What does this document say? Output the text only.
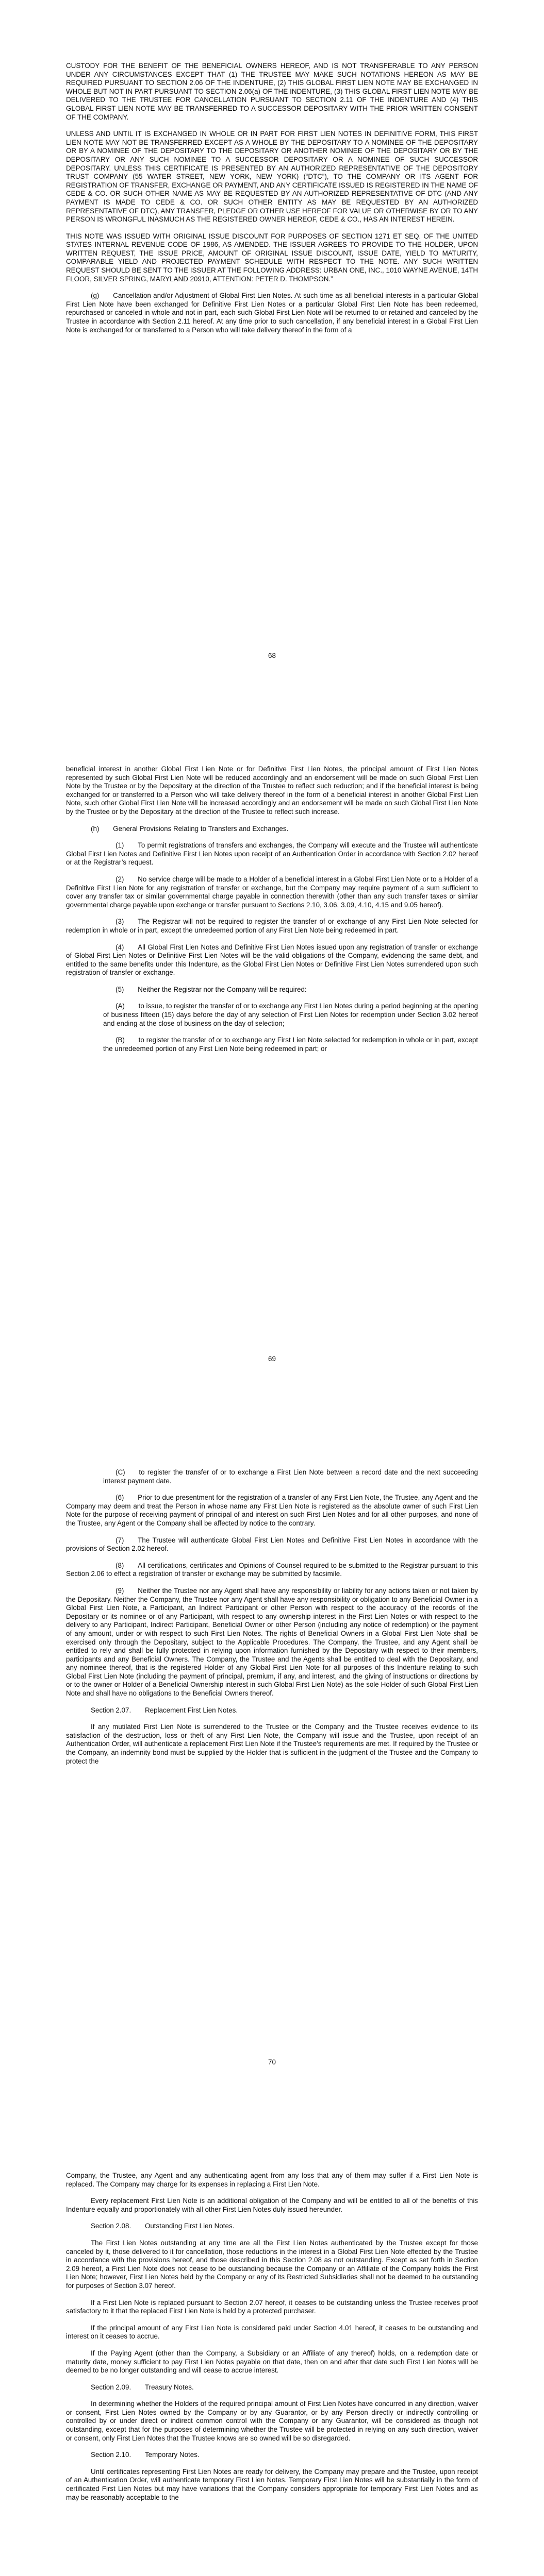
CUSTODY FOR THE BENEFIT OF THE BENEFICIAL OWNERS HEREOF, AND IS NOT TRANSFERABLE TO ANY PERSON UNDER ANY CIRCUMSTANCES EXCEPT THAT (1) THE TRUSTEE MAY MAKE SUCH NOTATIONS HEREON AS MAY BE REQUIRED PURSUANT TO SECTION 2.06 OF THE INDENTURE, (2) THIS GLOBAL FIRST LIEN NOTE MAY BE EXCHANGED IN WHOLE BUT NOT IN PART PURSUANT TO SECTION 2.06(a) OF THE INDENTURE, (3) THIS GLOBAL FIRST LIEN NOTE MAY BE DELIVERED TO THE TRUSTEE FOR CANCELLATION PURSUANT TO SECTION 2.11 OF THE INDENTURE AND (4) THIS GLOBAL FIRST LIEN NOTE MAY BE TRANSFERRED TO A SUCCESSOR DEPOSITARY WITH THE PRIOR WRITTEN CONSENT OF THE COMPANY.

UNLESS AND UNTIL IT IS EXCHANGED IN WHOLE OR IN PART FOR FIRST LIEN NOTES IN DEFINITIVE FORM, THIS FIRST LIEN NOTE MAY NOT BE TRANSFERRED EXCEPT AS A WHOLE BY THE DEPOSITARY TO A NOMINEE OF THE DEPOSITARY OR BY A NOMINEE OF THE DEPOSITARY TO THE DEPOSITARY OR ANOTHER NOMINEE OF THE DEPOSITARY OR BY THE DEPOSITARY OR ANY SUCH NOMINEE TO A SUCCESSOR DEPOSITARY OR A NOMINEE OF SUCH SUCCESSOR DEPOSITARY. UNLESS THIS CERTIFICATE IS PRESENTED BY AN AUTHORIZED REPRESENTATIVE OF THE DEPOSITORY TRUST COMPANY (55 WATER STREET, NEW YORK, NEW YORK) (“DTC”), TO THE COMPANY OR ITS AGENT FOR REGISTRATION OF TRANSFER, EXCHANGE OR PAYMENT, AND ANY CERTIFICATE ISSUED IS REGISTERED IN THE NAME OF CEDE & CO. OR SUCH OTHER NAME AS MAY BE REQUESTED BY AN AUTHORIZED REPRESENTATIVE OF DTC (AND ANY PAYMENT IS MADE TO CEDE & CO. OR SUCH OTHER ENTITY AS MAY BE REQUESTED BY AN AUTHORIZED REPRESENTATIVE OF DTC), ANY TRANSFER, PLEDGE OR OTHER USE HEREOF FOR VALUE OR OTHERWISE BY OR TO ANY PERSON IS WRONGFUL INASMUCH AS THE REGISTERED OWNER HEREOF, CEDE & CO., HAS AN INTEREST HEREIN.

THIS NOTE WAS ISSUED WITH ORIGINAL ISSUE DISCOUNT FOR PURPOSES OF SECTION 1271 ET SEQ. OF THE UNITED STATES INTERNAL REVENUE CODE OF 1986, AS AMENDED. THE ISSUER AGREES TO PROVIDE TO THE HOLDER, UPON WRITTEN REQUEST, THE ISSUE PRICE, AMOUNT OF ORIGINAL ISSUE DISCOUNT, ISSUE DATE, YIELD TO MATURITY, COMPARABLE YIELD AND PROJECTED PAYMENT SCHEDULE WITH RESPECT TO THE NOTE. ANY SUCH WRITTEN REQUEST SHOULD BE SENT TO THE ISSUER AT THE FOLLOWING ADDRESS: URBAN ONE, INC., 1010 WAYNE AVENUE, 14TH FLOOR, SILVER SPRING, MARYLAND 20910, ATTENTION: PETER D. THOMPSON.”

(g)  Cancellation and/or Adjustment of Global First Lien Notes. At such time as all beneficial interests in a particular Global First Lien Note have been exchanged for Definitive First Lien Notes or a particular Global First Lien Note has been redeemed, repurchased or canceled in whole and not in part, each such Global First Lien Note will be returned to or retained and canceled by the Trustee in accordance with Section 2.11 hereof. At any time prior to such cancellation, if any beneficial interest in a Global First Lien Note is exchanged for or transferred to a Person who will take delivery thereof in the form of a

68

beneficial interest in another Global First Lien Note or for Definitive First Lien Notes, the principal amount of First Lien Notes represented by such Global First Lien Note will be reduced accordingly and an endorsement will be made on such Global First Lien Note by the Trustee or by the Depositary at the direction of the Trustee to reflect such reduction; and if the beneficial interest is being exchanged for or transferred to a Person who will take delivery thereof in the form of a beneficial interest in another Global First Lien Note, such other Global First Lien Note will be increased accordingly and an endorsement will be made on such Global First Lien Note by the Trustee or by the Depositary at the direction of the Trustee to reflect such increase.

(h)  General Provisions Relating to Transfers and Exchanges.

(1)  To permit registrations of transfers and exchanges, the Company will execute and the Trustee will authenticate Global First Lien Notes and Definitive First Lien Notes upon receipt of an Authentication Order in accordance with Section 2.02 hereof or at the Registrar’s request.

(2)  No service charge will be made to a Holder of a beneficial interest in a Global First Lien Note or to a Holder of a Definitive First Lien Note for any registration of transfer or exchange, but the Company may require payment of a sum sufficient to cover any transfer tax or similar governmental charge payable in connection therewith (other than any such transfer taxes or similar governmental charge payable upon exchange or transfer pursuant to Sections 2.10, 3.06, 3.09, 4.10, 4.15 and 9.05 hereof).

(3)  The Registrar will not be required to register the transfer of or exchange of any First Lien Note selected for redemption in whole or in part, except the unredeemed portion of any First Lien Note being redeemed in part.

(4)  All Global First Lien Notes and Definitive First Lien Notes issued upon any registration of transfer or exchange of Global First Lien Notes or Definitive First Lien Notes will be the valid obligations of the Company, evidencing the same debt, and entitled to the same benefits under this Indenture, as the Global First Lien Notes or Definitive First Lien Notes surrendered upon such registration of transfer or exchange.

(5)  Neither the Registrar nor the Company will be required:

(A)  to issue, to register the transfer of or to exchange any First Lien Notes during a period beginning at the opening of business fifteen (15) days before the day of any selection of First Lien Notes for redemption under Section 3.02 hereof and ending at the close of business on the day of selection;

(B)  to register the transfer of or to exchange any First Lien Note selected for redemption in whole or in part, except the unredeemed portion of any First Lien Note being redeemed in part; or

69

(C)  to register the transfer of or to exchange a First Lien Note between a record date and the next succeeding interest payment date.

(6)  Prior to due presentment for the registration of a transfer of any First Lien Note, the Trustee, any Agent and the Company may deem and treat the Person in whose name any First Lien Note is registered as the absolute owner of such First Lien Note for the purpose of receiving payment of principal of and interest on such First Lien Notes and for all other purposes, and none of the Trustee, any Agent or the Company shall be affected by notice to the contrary.

(7)  The Trustee will authenticate Global First Lien Notes and Definitive First Lien Notes in accordance with the provisions of Section 2.02 hereof.

(8)  All certifications, certificates and Opinions of Counsel required to be submitted to the Registrar pursuant to this Section 2.06 to effect a registration of transfer or exchange may be submitted by facsimile.

(9)  Neither the Trustee nor any Agent shall have any responsibility or liability for any actions taken or not taken by the Depositary. Neither the Company, the Trustee nor any Agent shall have any responsibility or obligation to any Beneficial Owner in a Global First Lien Note, a Participant, an Indirect Participant or other Person with respect to the accuracy of the records of the Depositary or its nominee or of any Participant, with respect to any ownership interest in the First Lien Notes or with respect to the delivery to any Participant, Indirect Participant, Beneficial Owner or other Person (including any notice of redemption) or the payment of any amount, under or with respect to such First Lien Notes. The rights of Beneficial Owners in a Global First Lien Note shall be exercised only through the Depositary, subject to the Applicable Procedures. The Company, the Trustee, and any Agent shall be entitled to rely and shall be fully protected in relying upon information furnished by the Depositary with respect to their members, participants and any Beneficial Owners. The Company, the Trustee and the Agents shall be entitled to deal with the Depositary, and any nominee thereof, that is the registered Holder of any Global First Lien Note for all purposes of this Indenture relating to such Global First Lien Note (including the payment of principal, premium, if any, and interest, and the giving of instructions or directions by or to the owner or Holder of a Beneficial Ownership interest in such Global First Lien Note) as the sole Holder of such Global First Lien Note and shall have no obligations to the Beneficial Owners thereof.

Section 2.07.  Replacement First Lien Notes.

If any mutilated First Lien Note is surrendered to the Trustee or the Company and the Trustee receives evidence to its satisfaction of the destruction, loss or theft of any First Lien Note, the Company will issue and the Trustee, upon receipt of an Authentication Order, will authenticate a replacement First Lien Note if the Trustee’s requirements are met. If required by the Trustee or the Company, an indemnity bond must be supplied by the Holder that is sufficient in the judgment of the Trustee and the Company to protect the

70

Company, the Trustee, any Agent and any authenticating agent from any loss that any of them may suffer if a First Lien Note is replaced. The Company may charge for its expenses in replacing a First Lien Note.

Every replacement First Lien Note is an additional obligation of the Company and will be entitled to all of the benefits of this Indenture equally and proportionately with all other First Lien Notes duly issued hereunder.

Section 2.08.  Outstanding First Lien Notes.

The First Lien Notes outstanding at any time are all the First Lien Notes authenticated by the Trustee except for those canceled by it, those delivered to it for cancellation, those reductions in the interest in a Global First Lien Note effected by the Trustee in accordance with the provisions hereof, and those described in this Section 2.08 as not outstanding. Except as set forth in Section 2.09 hereof, a First Lien Note does not cease to be outstanding because the Company or an Affiliate of the Company holds the First Lien Note; however, First Lien Notes held by the Company or any of its Restricted Subsidiaries shall not be deemed to be outstanding for purposes of Section 3.07 hereof.

If a First Lien Note is replaced pursuant to Section 2.07 hereof, it ceases to be outstanding unless the Trustee receives proof satisfactory to it that the replaced First Lien Note is held by a protected purchaser.

If the principal amount of any First Lien Note is considered paid under Section 4.01 hereof, it ceases to be outstanding and interest on it ceases to accrue.

If the Paying Agent (other than the Company, a Subsidiary or an Affiliate of any thereof) holds, on a redemption date or maturity date, money sufficient to pay First Lien Notes payable on that date, then on and after that date such First Lien Notes will be deemed to be no longer outstanding and will cease to accrue interest.

Section 2.09.  Treasury Notes.

In determining whether the Holders of the required principal amount of First Lien Notes have concurred in any direction, waiver or consent, First Lien Notes owned by the Company or by any Guarantor, or by any Person directly or indirectly controlling or controlled by or under direct or indirect common control with the Company or any Guarantor, will be considered as though not outstanding, except that for the purposes of determining whether the Trustee will be protected in relying on any such direction, waiver or consent, only First Lien Notes that the Trustee knows are so owned will be so disregarded.

Section 2.10.  Temporary Notes.

Until certificates representing First Lien Notes are ready for delivery, the Company may prepare and the Trustee, upon receipt of an Authentication Order, will authenticate temporary First Lien Notes. Temporary First Lien Notes will be substantially in the form of certificated First Lien Notes but may have variations that the Company considers appropriate for temporary First Lien Notes and as may be reasonably acceptable to the
